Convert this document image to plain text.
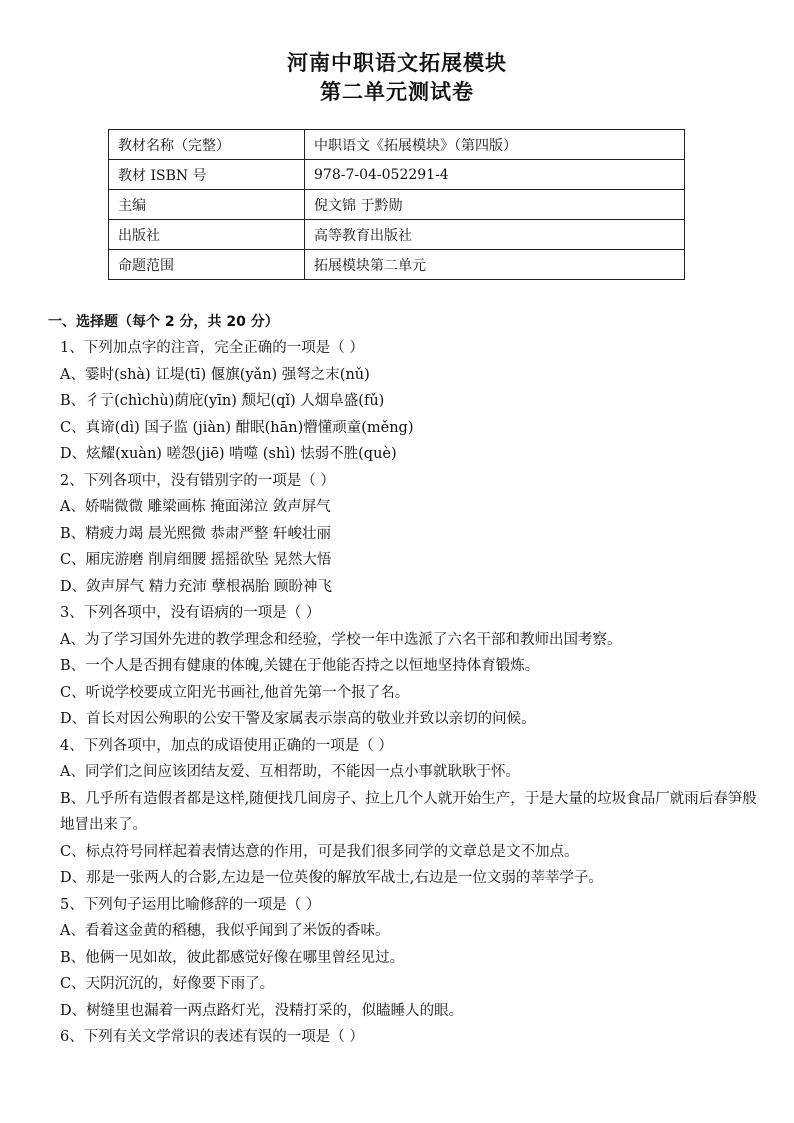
河南中职语文拓展模块
第二单元测试卷
教材名称（完整）	中职语文《拓展模块》（第四版）
教材 ISBN 号	978-7-04-052291-4
主编	倪文锦 于黔勋
出版社	高等教育出版社
命题范围	拓展模块第二单元
一、选择题（每个 2 分，共 20 分）
1、下列加点字的注音，完全正确的一项是（ ）
A、霎时(shà) 讧堤(tī) 偃旗(yǎn) 强弩之末(nǔ)
B、彳亍(chìchù)荫庇(yīn) 颓圮(qǐ) 人烟阜盛(fǔ)
C、真谛(dì) 国子监 (jiàn) 酣眠(hān)懵懂顽童(měng)
D、炫耀(xuàn) 嗟怨(jiē) 啃噬 (shì) 怯弱不胜(què)
2、下列各项中，没有错别字的一项是（ ）
A、娇喘微微 雕梁画栋 掩面涕泣 敛声屏气
B、精疲力竭 晨光熙微 恭肃严整 轩峻壮丽
C、厢庑游磨 削肩细腰 摇摇欲坠 晃然大悟
D、敛声屏气 精力充沛 孽根祸胎 顾盼神飞
3、下列各项中，没有语病的一项是（ ）
A、为了学习国外先进的教学理念和经验，学校一年中选派了六名干部和教师出国考察。
B、一个人是否拥有健康的体魄,关键在于他能否持之以恒地坚持体育锻炼。
C、听说学校要成立阳光书画社,他首先第一个报了名。
D、首长对因公殉职的公安干警及家属表示崇高的敬业并致以亲切的问候。
4、下列各项中，加点的成语使用正确的一项是（ ）
A、同学们之间应该团结友爱、互相帮助，不能因一点小事就耿耿于怀。
B、几乎所有造假者都是这样,随便找几间房子、拉上几个人就开始生产，于是大量的垃圾食品厂就雨后春笋般地冒出来了。
C、标点符号同样起着表情达意的作用，可是我们很多同学的文章总是文不加点。
D、那是一张两人的合影,左边是一位英俊的解放军战士,右边是一位文弱的莘莘学子。
5、下列句子运用比喻修辞的一项是（ ）
A、看着这金黄的稻穗，我似乎闻到了米饭的香味。
B、他俩一见如故，彼此都感觉好像在哪里曾经见过。
C、天阴沉沉的，好像要下雨了。
D、树缝里也漏着一两点路灯光，没精打采的，似瞌睡人的眼。
6、下列有关文学常识的表述有误的一项是（ ）
